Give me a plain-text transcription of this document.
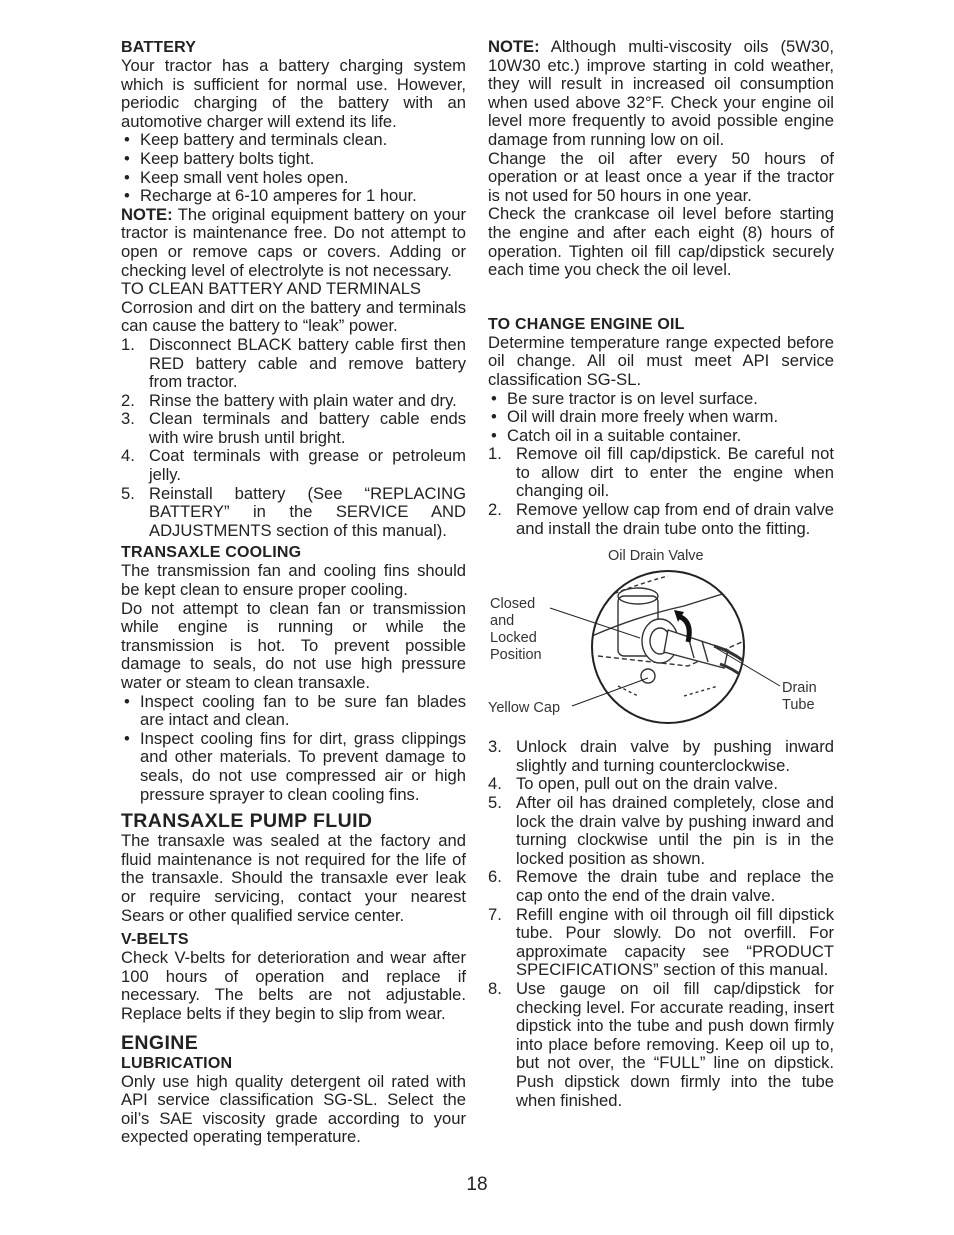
BATTERY

Your tractor has a battery charging system which is sufficient for normal use. However, periodic charging of the battery with an automotive charger will extend its life.

• Keep battery and terminals clean.
• Keep battery bolts tight.
• Keep small vent holes open.
• Recharge at 6-10 amperes for 1 hour.

NOTE: The original equipment battery on your tractor is maintenance free. Do not attempt to open or remove caps or covers. Adding or checking level of electrolyte is not necessary.

TO CLEAN BATTERY AND TERMINALS

Corrosion and dirt on the battery and terminals can cause the battery to “leak” power.

1. Disconnect BLACK battery cable first then RED battery cable and remove battery from tractor.
2. Rinse the battery with plain water and dry.
3. Clean terminals and battery cable ends with wire brush until bright.
4. Coat terminals with grease or petroleum jelly.
5. Reinstall battery (See “REPLACING BATTERY” in the SERVICE AND ADJUSTMENTS section of this manual).
TRANSAXLE COOLING

The transmission fan and cooling fins should be kept clean to ensure proper cooling.

Do not attempt to clean fan or transmission while engine is running or while the transmission is hot. To prevent possible damage to seals, do not use high pressure water or steam to clean transaxle.

• Inspect cooling fan to be sure fan blades are intact and clean.
• Inspect cooling fins for dirt, grass clippings and other materials. To prevent damage to seals, do not use compressed air or high pressure sprayer to clean cooling fins.
TRANSAXLE PUMP FLUID

The transaxle was sealed at the factory and fluid maintenance is not required for the life of the transaxle. Should the transaxle ever leak or require servicing, contact your nearest Sears or other qualified service center.

V-BELTS

Check V-belts for deterioration and wear after 100 hours of operation and replace if necessary. The belts are not adjustable. Replace belts if they begin to slip from wear.

ENGINE
LUBRICATION

Only use high quality detergent oil rated with API service classification SG-SL. Select the oil’s SAE viscosity grade according to your expected operating temperature.

NOTE: Although multi-viscosity oils (5W30, 10W30 etc.) improve starting in cold weather, they will result in increased oil consumption when used above 32°F. Check your engine oil level more frequently to avoid possible engine damage from running low on oil.

Change the oil after every 50 hours of operation or at least once a year if the tractor is not used for 50 hours in one year.

Check the crankcase oil level before starting the engine and after each eight (8) hours of operation. Tighten oil fill cap/dipstick securely each time you check the oil level.

TO CHANGE ENGINE OIL

Determine temperature range expected before oil change. All oil must meet API service classification SG-SL.

• Be sure tractor is on level surface.
• Oil will drain more freely when warm.
• Catch oil in a suitable container.
1. Remove oil fill cap/dipstick. Be careful not to allow dirt to enter the engine when changing oil.
2. Remove yellow cap from end of drain valve and install the drain tube onto the fitting.
Oil Drain Valve
Closed
and
Locked
Position
Yellow Cap
Drain
Tube
3. Unlock drain valve by pushing inward slightly and turning counterclockwise.
4. To open, pull out on the drain valve.
5. After oil has drained completely, close and lock the drain valve by pushing inward and turning clockwise until the pin is in the locked position as shown.
6. Remove the drain tube and replace the cap onto the end of the drain valve.
7. Refill engine with oil through oil fill dipstick tube. Pour slowly. Do not overfill. For approximate capacity see “PRODUCT SPECIFICATIONS” section of this manual.
8. Use gauge on oil fill cap/dipstick for checking level. For accurate reading, insert dipstick into the tube and push down firmly into place before removing. Keep oil up to, but not over, the “FULL” line on dipstick. Push dipstick down firmly into the tube when finished.
18
